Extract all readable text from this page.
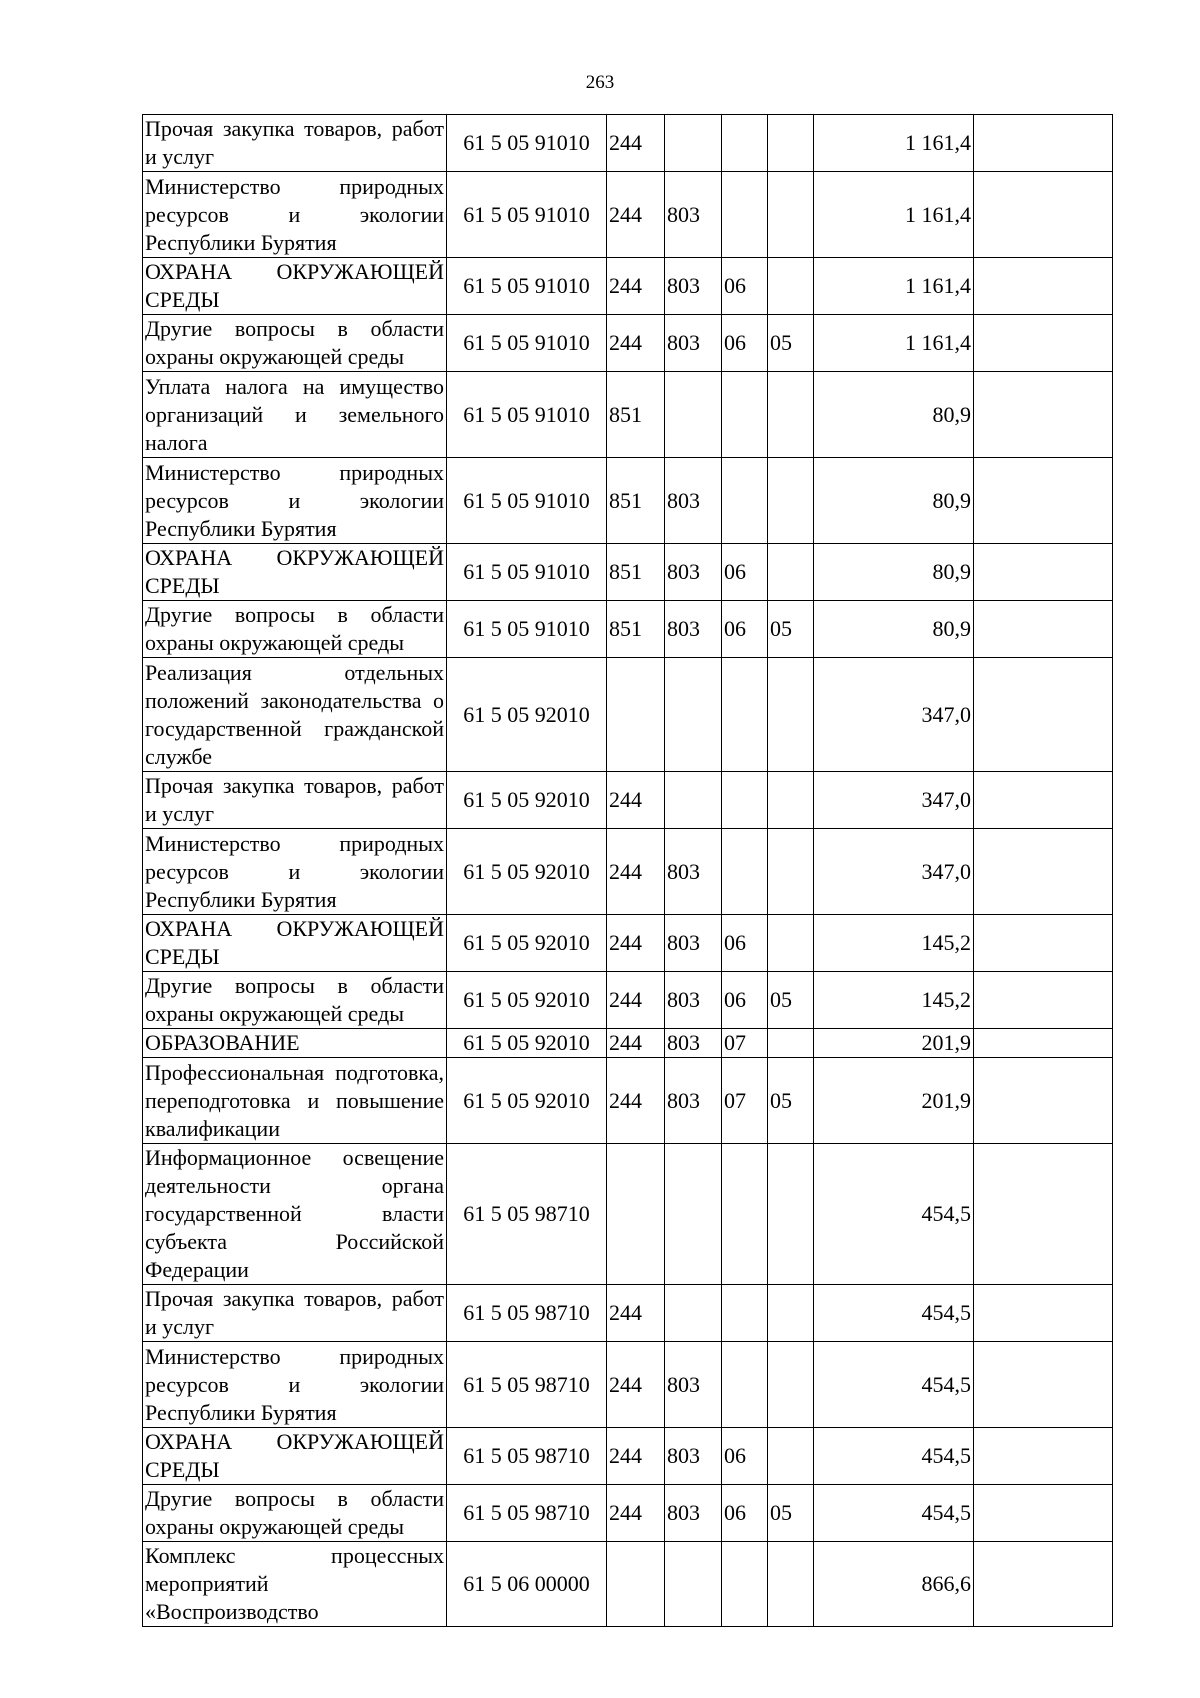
263
Прочая закупка товаров, работ и услуг	61 5 05 91010	244				1 161,4	
Министерство природных ресурсов и экологии Республики Бурятия	61 5 05 91010	244	803			1 161,4	
ОХРАНА ОКРУЖАЮЩЕЙ СРЕДЫ	61 5 05 91010	244	803	06		1 161,4	
Другие вопросы в области охраны окружающей среды	61 5 05 91010	244	803	06	05	1 161,4	
Уплата налога на имущество организаций и земельного налога	61 5 05 91010	851				80,9	
Министерство природных ресурсов и экологии Республики Бурятия	61 5 05 91010	851	803			80,9	
ОХРАНА ОКРУЖАЮЩЕЙ СРЕДЫ	61 5 05 91010	851	803	06		80,9	
Другие вопросы в области охраны окружающей среды	61 5 05 91010	851	803	06	05	80,9	
Реализация отдельных положений законодательства о государственной гражданской службе	61 5 05 92010					347,0	
Прочая закупка товаров, работ и услуг	61 5 05 92010	244				347,0	
Министерство природных ресурсов и экологии Республики Бурятия	61 5 05 92010	244	803			347,0	
ОХРАНА ОКРУЖАЮЩЕЙ СРЕДЫ	61 5 05 92010	244	803	06		145,2	
Другие вопросы в области охраны окружающей среды	61 5 05 92010	244	803	06	05	145,2	
ОБРАЗОВАНИЕ	61 5 05 92010	244	803	07		201,9	
Профессиональная подготовка, переподготовка и повышение квалификации	61 5 05 92010	244	803	07	05	201,9	
Информационное освещение деятельности органа государственной власти субъекта Российской Федерации	61 5 05 98710					454,5	
Прочая закупка товаров, работ и услуг	61 5 05 98710	244				454,5	
Министерство природных ресурсов и экологии Республики Бурятия	61 5 05 98710	244	803			454,5	
ОХРАНА ОКРУЖАЮЩЕЙ СРЕДЫ	61 5 05 98710	244	803	06		454,5	
Другие вопросы в области охраны окружающей среды	61 5 05 98710	244	803	06	05	454,5	
Комплекс процессных мероприятий «Воспроизводство	61 5 06 00000					866,6	
